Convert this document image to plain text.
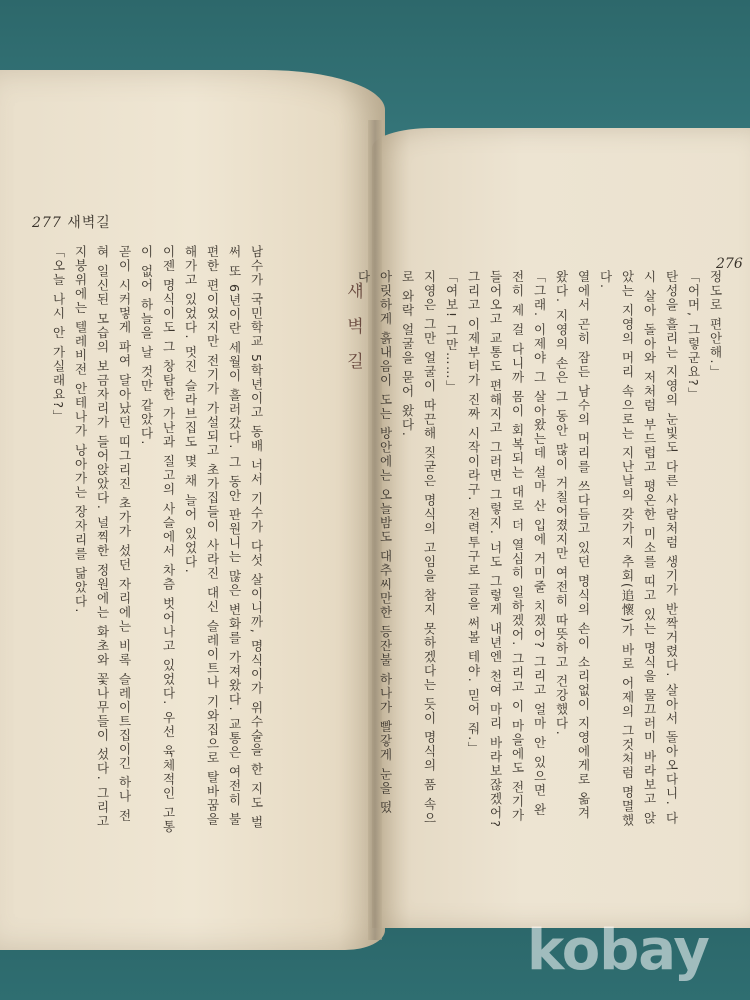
277 새벽길
276
새벽길

남수가 국민학교 5학년이고 동배 너서 기수가 다섯 살이니까, 명식이가 위수술을 한 지도 벌써 또 6년이란 세월이 흘러갔다. 그 동안 판원니는 많은 변화를 가져왔다. 교통은 여전히 불편한 편이었지만 전기가 가설되고 초가집들이 사라진 대신 슬레이트나 기와집으로 탈바꿈을 해가고 있었다. 멋진 슬라브집도 몇 채 늘어 있었다.

이젠 명식이도 그 창탐한 가난과 질고의 사슬에서 차츰 벗어나고 있었다. 우선 육체적인 고통이 없어 하늘을 날 것만 같았다.

곧이 시커멓게 파여 달아났던 띠그리진 초가가 섰던 자리에는 비록 슬레이트집이긴 하나 전혀 일신된 모습의 보금자리가 들어앉았다. 널찍한 정원에는 화초와 꽃나무들이 섰다. 그리고 지붕위에는 텔레비전 안테나가 낭아가는 장자리를 닮았다.

「오늘 나시 안 가실래요?」	정도로 편안해.」

「어머, 그렇군요?」

탄성을 흘리는 지영의 눈빛도 다른 사람처럼 생기가 반짝거렸다. 살아서 돌아오다니. 다시 살아 돌아와 저처럼 부드럽고 평온한 미소를 띠고 있는 명식을 물끄러미 바라보고 앉았는 지영의 머리 속으로는 지난날의 갖가지 추회(追懷)가 바로 어제의 그것처럼 명멸했다.

열에서 곤히 잠든 남수의 머리를 쓰다듬고 있던 명식의 손이 소리없이 지영에게로 옮겨왔다. 지영의 손은 그 동안 많이 거칠어졌지만 여전히 따뜻하고 건강했다.

「그래. 이제야 그 살아왔는데 설마 산 입에 거미줄 치겠어? 그리고 얼마 안 있으면 완전히 제 걸 다니까 몸이 회복되는 대로 더 열심히 일하겠어. 그리고 이 마을에도 전기가 들어오고 교통도 편해지고 그러면 그렇지. 너도 그렇게 내년엔 천여 마리 바라보잖겠어? 그리고 이제부터가 진짜 시작이라구. 전력투구로 글을 써볼 테야. 믿어 줘.」

「여보! 그만……」

지영은 그만 얼굴이 따끈해 짖굳은 명식의 고임을 참지 못하겠다는 듯이 명식의 품 속으로 와락 얼굴을 묻어 왔다.

아릿하게 흙내음이 도는 방안에는 오늘밤도 대추씨만한 등잔불 하나가 빨갛게 눈을 떴다.

kobay
